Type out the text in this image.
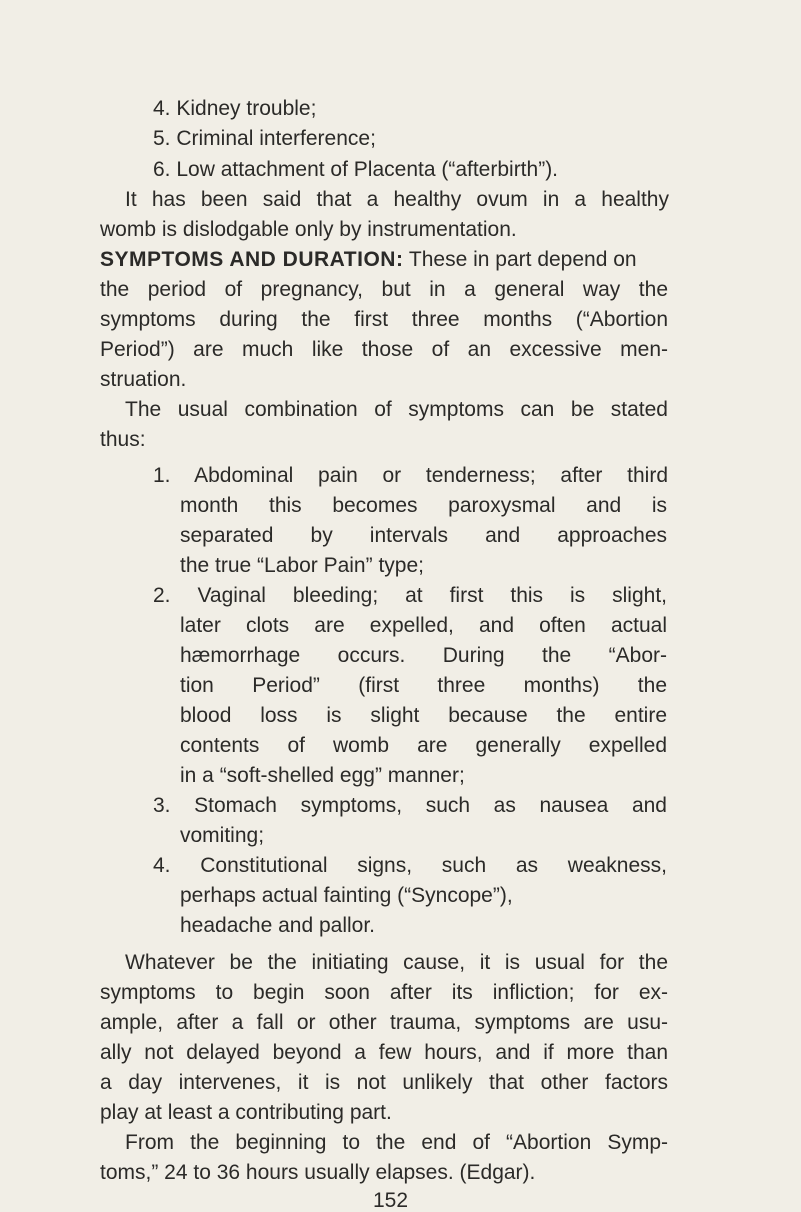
4. Kidney trouble;
5. Criminal interference;
6. Low attachment of Placenta (“afterbirth”).
It has been said that a healthy ovum in a healthy
womb is dislodgable only by instrumentation.
SYMPTOMS AND DURATION: These in part depend on
the period of pregnancy, but in a general way the
symptoms during the first three months (“Abortion
Period”) are much like those of an excessive men-
struation.
The usual combination of symptoms can be stated
thus:
1. Abdominal pain or tenderness; after third
month this becomes paroxysmal and is
separated by intervals and approaches
the true “Labor Pain” type;
2. Vaginal bleeding; at first this is slight,
later clots are expelled, and often actual
hæmorrhage occurs. During the “Abor-
tion Period” (first three months) the
blood loss is slight because the entire
contents of womb are generally expelled
in a “soft-shelled egg” manner;
3. Stomach symptoms, such as nausea and
vomiting;
4. Constitutional signs, such as weakness,
perhaps actual fainting (“Syncope”),
headache and pallor.
Whatever be the initiating cause, it is usual for the
symptoms to begin soon after its infliction; for ex-
ample, after a fall or other trauma, symptoms are usu-
ally not delayed beyond a few hours, and if more than
a day intervenes, it is not unlikely that other factors
play at least a contributing part.
From the beginning to the end of “Abortion Symp-
toms,” 24 to 36 hours usually elapses. (Edgar).
152
